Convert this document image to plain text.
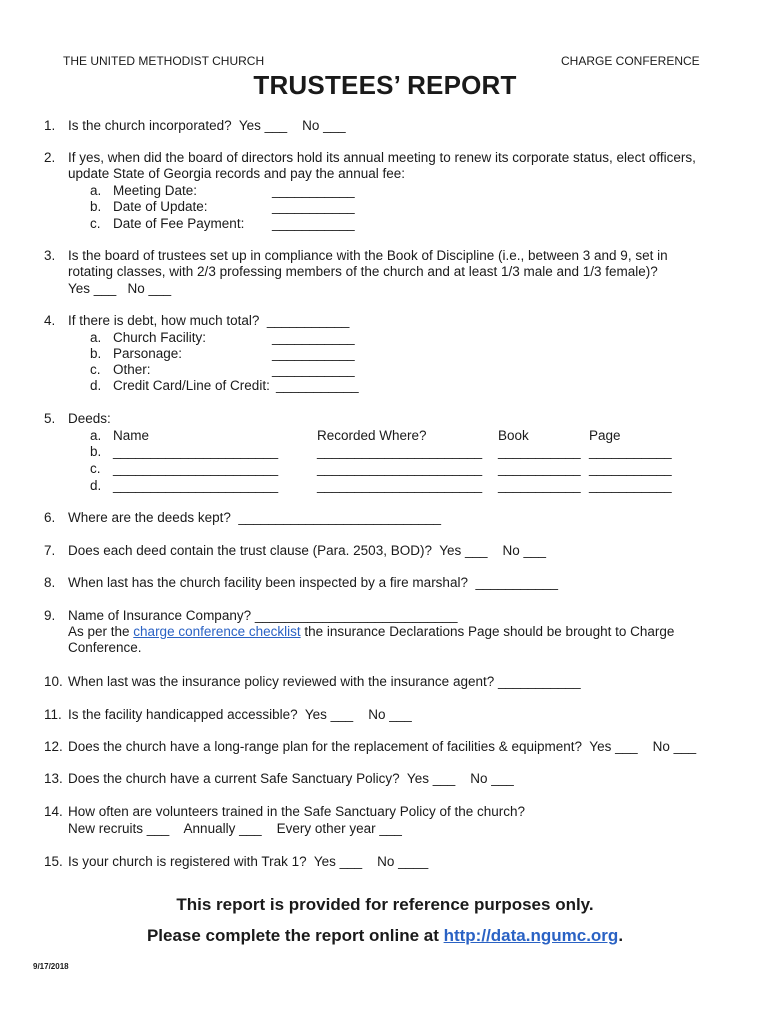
THE UNITED METHODIST CHURCH	CHARGE CONFERENCE
TRUSTEES’ REPORT
1. Is the church incorporated?  Yes ___    No ___
2. If yes, when did the board of directors hold its annual meeting to renew its corporate status, elect officers,
update State of Georgia records and pay the annual fee:
a. Meeting Date:	___________
b. Date of Update:	___________
c. Date of Fee Payment: ___________
3. Is the board of trustees set up in compliance with the Book of Discipline (i.e., between 3 and 9, set in
rotating classes, with 2/3 professing members of the church and at least 1/3 male and 1/3 female)?
Yes ___   No ___
4. If there is debt, how much total?  ___________
a. Church Facility:	___________
b. Parsonage:	___________
c. Other:	___________
d. Credit Card/Line of Credit: ___________
5. Deeds:
a. Name	Recorded Where?	Book	Page
b. ______________________	______________________ ___________ ___________
c. ______________________	______________________ ___________ ___________
d. ______________________	______________________ ___________ ___________
6. Where are the deeds kept?  ___________________________
7. Does each deed contain the trust clause (Para. 2503, BOD)?  Yes ___    No ___
8. When last has the church facility been inspected by a fire marshal?  ___________
9. Name of Insurance Company? ___________________________
As per the charge conference checklist the insurance Declarations Page should be brought to Charge
Conference.
10. When last was the insurance policy reviewed with the insurance agent? ___________
11. Is the facility handicapped accessible?  Yes ___    No ___
12. Does the church have a long-range plan for the replacement of facilities & equipment?  Yes ___    No ___
13. Does the church have a current Safe Sanctuary Policy?  Yes ___    No ___
14. How often are volunteers trained in the Safe Sanctuary Policy of the church?
New recruits ___    Annually ___    Every other year ___
15. Is your church is registered with Trak 1?  Yes ___    No ____
This report is provided for reference purposes only.
Please complete the report online at http://data.ngumc.org.
9/17/2018
